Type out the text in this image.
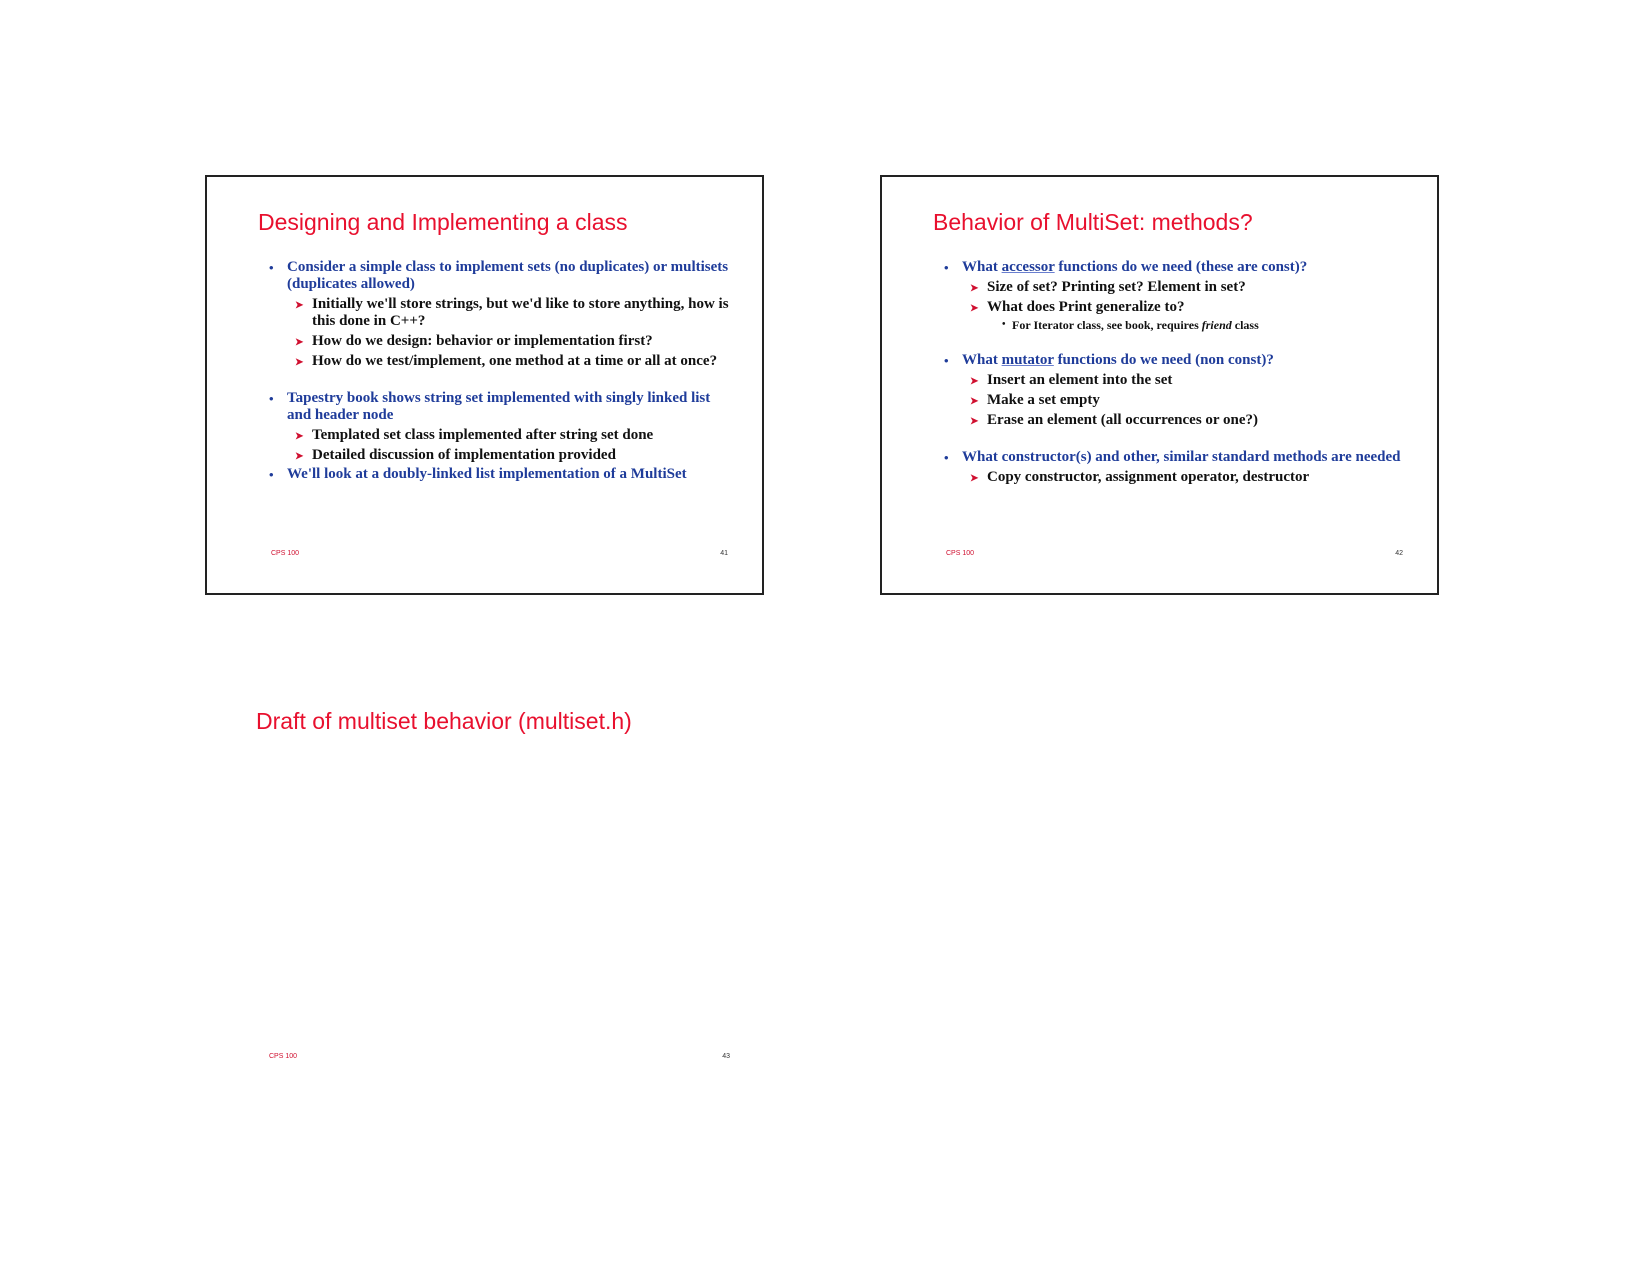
Designing and Implementing a class
• Consider a simple class to implement sets (no duplicates) or multisets (duplicates allowed)
➤ Initially we'll store strings, but we'd like to store anything, how is this done in C++?
➤ How do we design: behavior or implementation first?
➤ How do we test/implement, one method at a time or all at once?
• Tapestry book shows string set implemented with singly linked list and header node
➤ Templated set class implemented after string set done
➤ Detailed discussion of implementation provided
• We'll look at a doubly-linked list implementation of a MultiSet
CPS 100	41
Behavior of MultiSet: methods?
• What accessor functions do we need (these are const)?
➤ Size of set? Printing set? Element in set?
➤ What does Print generalize to?
• For Iterator class, see book, requires friend class
• What mutator functions do we need (non const)?
➤ Insert an element into the set
➤ Make a set empty
➤ Erase an element (all occurrences or one?)
• What constructor(s) and other, similar standard methods are needed
➤ Copy constructor, assignment operator, destructor
CPS 100	42
Draft of multiset behavior (multiset.h)
CPS 100	43
